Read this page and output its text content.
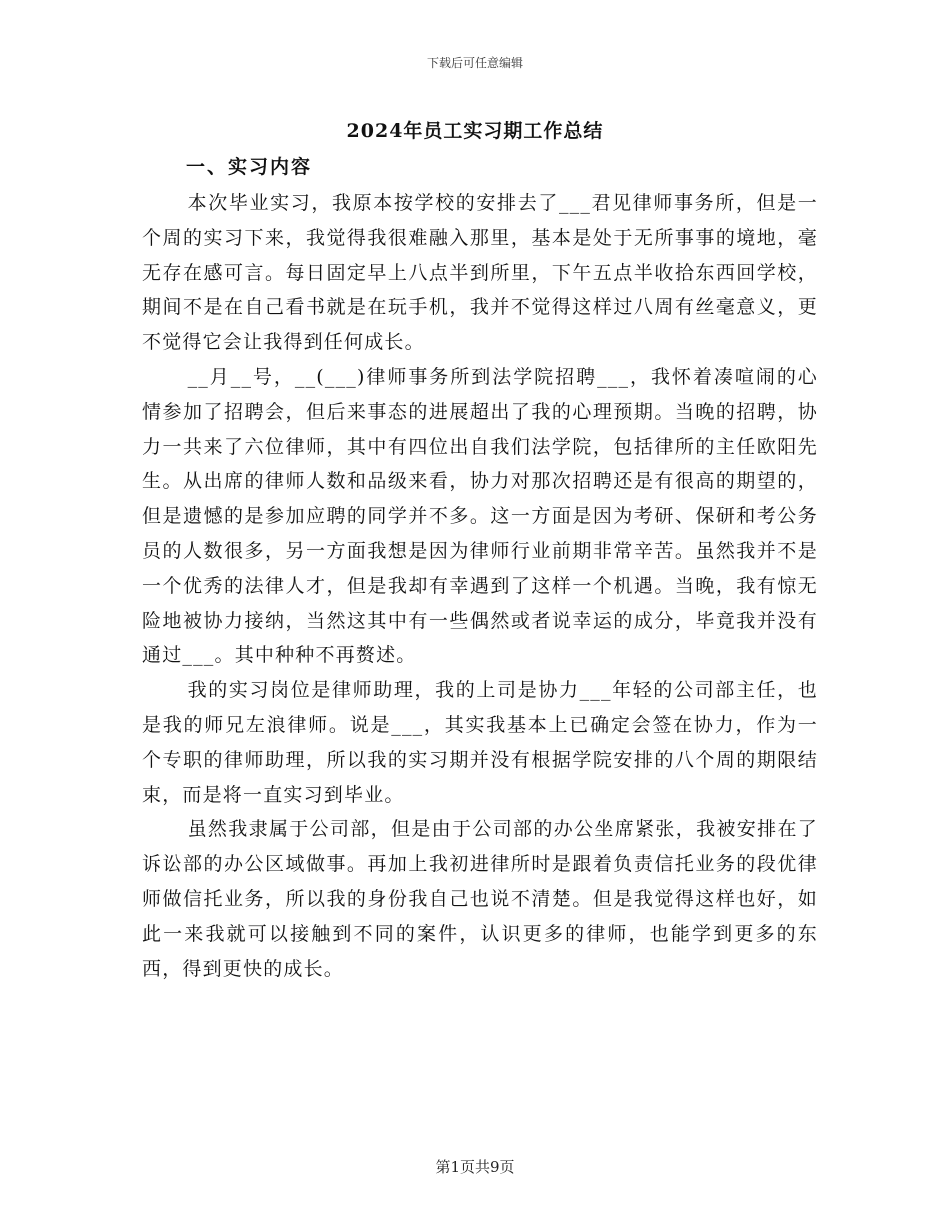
下载后可任意编辑
2024年员工实习期工作总结
一、实习内容

本次毕业实习，我原本按学校的安排去了___君见律师事务所，但是一个周的实习下来，我觉得我很难融入那里，基本是处于无所事事的境地，毫无存在感可言。每日固定早上八点半到所里，下午五点半收拾东西回学校，期间不是在自己看书就是在玩手机，我并不觉得这样过八周有丝毫意义，更不觉得它会让我得到任何成长。

__月__号，__(___)律师事务所到法学院招聘___，我怀着凑喧闹的心情参加了招聘会，但后来事态的进展超出了我的心理预期。当晚的招聘，协力一共来了六位律师，其中有四位出自我们法学院，包括律所的主任欧阳先生。从出席的律师人数和品级来看，协力对那次招聘还是有很高的期望的，但是遗憾的是参加应聘的同学并不多。这一方面是因为考研、保研和考公务员的人数很多，另一方面我想是因为律师行业前期非常辛苦。虽然我并不是一个优秀的法律人才，但是我却有幸遇到了这样一个机遇。当晚，我有惊无险地被协力接纳，当然这其中有一些偶然或者说幸运的成分，毕竟我并没有通过___。其中种种不再赘述。

我的实习岗位是律师助理，我的上司是协力___年轻的公司部主任，也是我的师兄左浪律师。说是___，其实我基本上已确定会签在协力，作为一个专职的律师助理，所以我的实习期并没有根据学院安排的八个周的期限结束，而是将一直实习到毕业。

虽然我隶属于公司部，但是由于公司部的办公坐席紧张，我被安排在了诉讼部的办公区域做事。再加上我初进律所时是跟着负责信托业务的段优律师做信托业务，所以我的身份我自己也说不清楚。但是我觉得这样也好，如此一来我就可以接触到不同的案件，认识更多的律师，也能学到更多的东西，得到更快的成长。

第1页共9页
